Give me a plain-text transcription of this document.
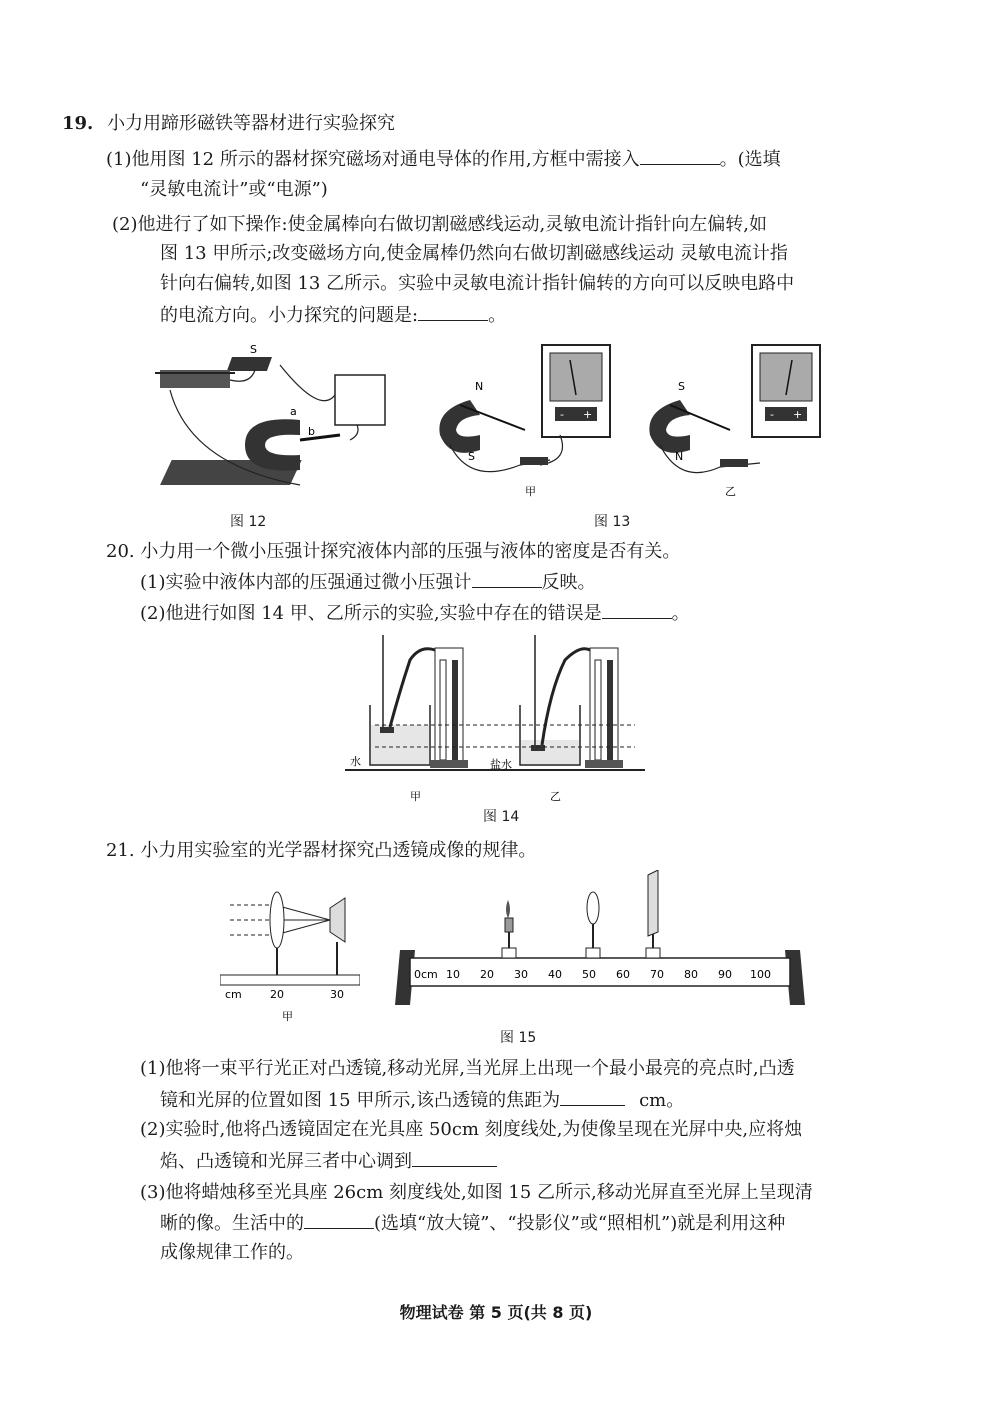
19. 小力用蹄形磁铁等器材进行实验探究
(1)他用图 12 所示的器材探究磁场对通电导体的作用,方框中需接入	。(选填
“灵敏电流计”或“电源”)
(2)他进行了如下操作:使金属棒向右做切割磁感线运动,灵敏电流计指针向左偏转,如
图 13 甲所示;改变磁场方向,使金属棒仍然向右做切割磁感线运动 灵敏电流计指
针向右偏转,如图 13 乙所示。实验中灵敏电流计指针偏转的方向可以反映电路中
的电流方向。小力探究的问题是:	。
a
b
S
图 12
N
S
- +
甲
S
N
- +
乙
图 13
20. 小力用一个微小压强计探究液体内部的压强与液体的密度是否有关。
(1)实验中液体内部的压强通过微小压强计	反映。
(2)他进行如图 14 甲、乙所示的实验,实验中存在的错误是	。
水
甲
盐水
乙
图 14
21. 小力用实验室的光学器材探究凸透镜成像的规律。
cm	20	30
甲
0cm 10 20 30 40 50 60 70 80 90 100
图 15
(1)他将一束平行光正对凸透镜,移动光屏,当光屏上出现一个最小最亮的亮点时,凸透
镜和光屏的位置如图 15 甲所示,该凸透镜的焦距为	cm。
(2)实验时,他将凸透镜固定在光具座 50cm 刻度线处,为使像呈现在光屏中央,应将烛
焰、凸透镜和光屏三者中心调到
(3)他将蜡烛移至光具座 26cm 刻度线处,如图 15 乙所示,移动光屏直至光屏上呈现清
晰的像。生活中的	(选填“放大镜”、“投影仪”或“照相机”)就是利用这种
成像规律工作的。
物理试卷 第 5 页(共 8 页)
